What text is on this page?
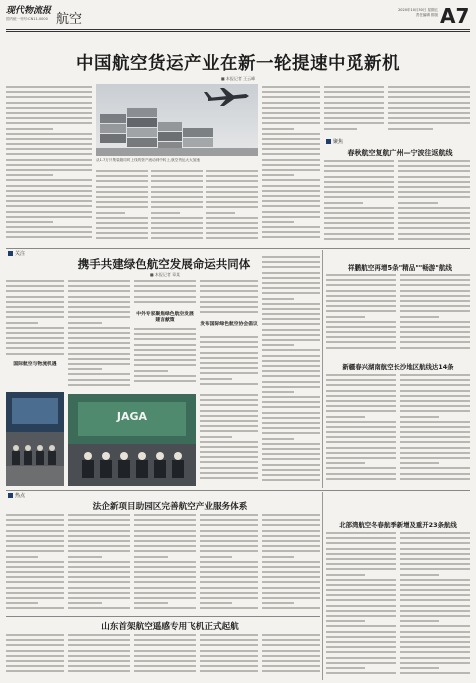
现代物流报
国内统一刊号:CN11-0000 航空
2020年10月30日 星期五
责任编辑 排版 A7
中国航空货运产业在新一轮提速中觅新机
■ 本报记者 王云峰
从1.7万只集装箱同时上线的资产流动到中转上,航空货运大大加速
聚焦
春秋航空复航广州—宁波往返航线
关注
携手共建绿色航空发展命运共同体
■ 本报记者 章某
国际航空与物流机遇
中外专家聚焦绿色航空发展建言献策
发布国际绿色航空协会倡议
JAGA
祥鹏航空再增5条"精品""畅游"航线
新疆春兴湖南航空长沙地区航线达14条
热点
法企新项目助园区完善航空产业服务体系
北部湾航空冬春航季新增及重开23条航线
山东首架航空遥感专用飞机正式起航
